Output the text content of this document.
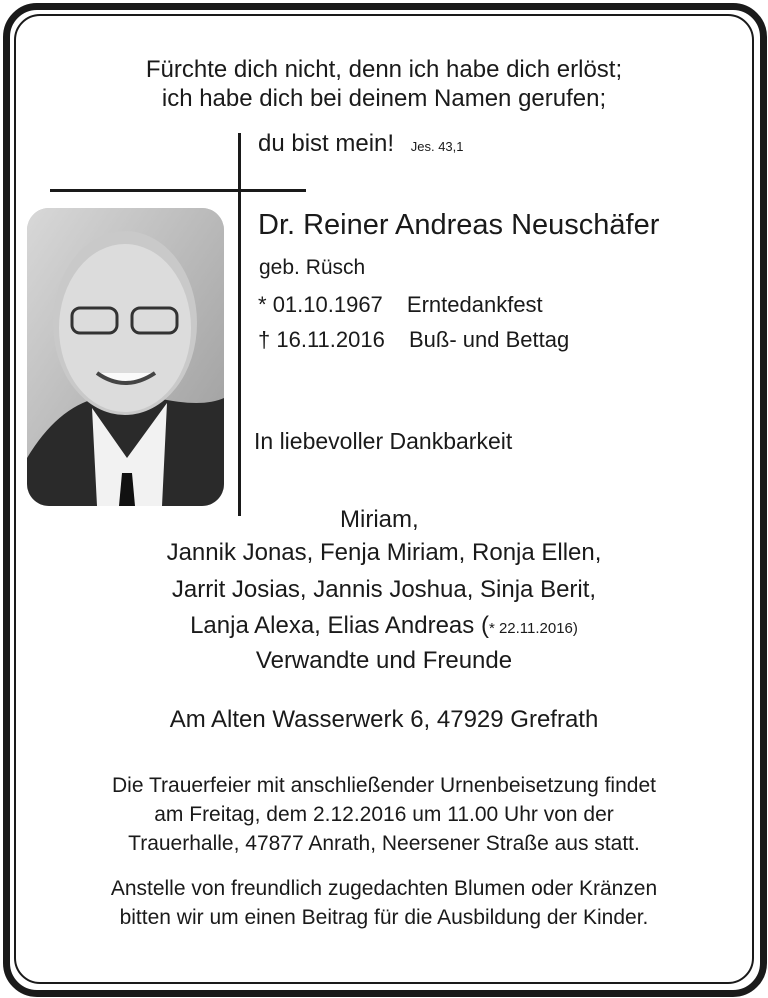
Fürchte dich nicht, denn ich habe dich erlöst;
ich habe dich bei deinem Namen gerufen;
du bist mein! Jes. 43,1
Dr. Reiner Andreas Neuschäfer
geb. Rüsch
* 01.10.1967 Erntedankfest
† 16.11.2016 Buß- und Bettag
In liebevoller Dankbarkeit
Miriam,
Jannik Jonas, Fenja Miriam, Ronja Ellen,
Jarrit Josias, Jannis Joshua, Sinja Berit,
Lanja Alexa, Elias Andreas (* 22.11.2016)
Verwandte und Freunde
Am Alten Wasserwerk 6, 47929 Grefrath
Die Trauerfeier mit anschließender Urnenbeisetzung findet
am Freitag, dem 2.12.2016 um 11.00 Uhr von der
Trauerhalle, 47877 Anrath, Neersener Straße aus statt.
Anstelle von freundlich zugedachten Blumen oder Kränzen
bitten wir um einen Beitrag für die Ausbildung der Kinder.
